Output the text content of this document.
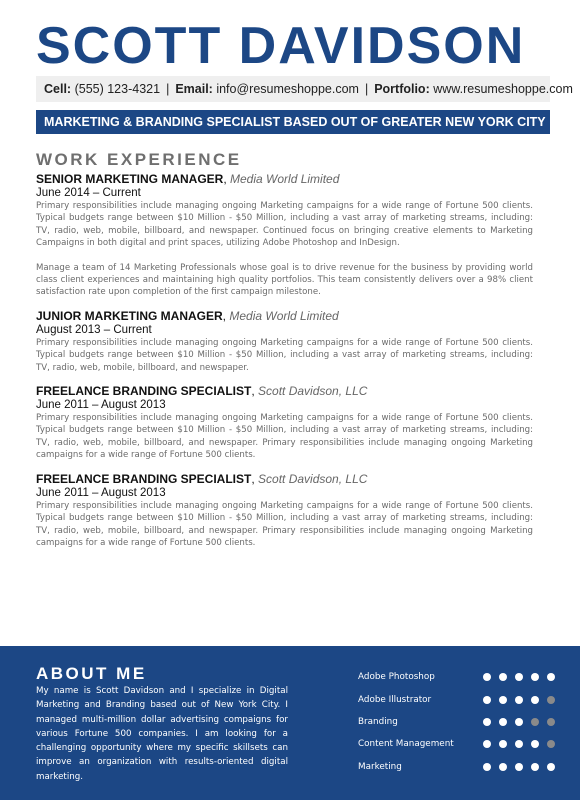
SCOTT DAVIDSON
Cell:
(555) 123-4321 | Email:
info@resumeshoppe.com | Portfolio:
www.resumeshoppe.com
MARKETING & BRANDING SPECIALIST BASED OUT OF GREATER NEW YORK CITY
WORK EXPERIENCE
SENIOR MARKETING MANAGER, Media World Limited
June 2014 – Current

Primary responsibilities include managing ongoing Marketing campaigns for a wide range of Fortune 500 clients. Typical budgets range between $10 Million - $50 Million, including a vast array of marketing streams, including: TV, radio, web, mobile, billboard, and newspaper. Continued focus on bringing creative elements to Marketing Campaigns in both digital and print spaces, utilizing Adobe Photoshop and InDesign.

Manage a team of 14 Marketing Professionals whose goal is to drive revenue for the business by providing world class client experiences and maintaining high quality portfolios. This team consistently delivers over a 98% client satisfaction rate upon completion of the first campaign milestone.

JUNIOR MARKETING MANAGER, Media World Limited
August 2013 – Current

Primary responsibilities include managing ongoing Marketing campaigns for a wide range of Fortune 500 clients. Typical budgets range between $10 Million - $50 Million, including a vast array of marketing streams, including: TV, radio, web, mobile, billboard, and newspaper.

FREELANCE BRANDING SPECIALIST, Scott Davidson, LLC
June 2011 – August 2013

Primary responsibilities include managing ongoing Marketing campaigns for a wide range of Fortune 500 clients. Typical budgets range between $10 Million - $50 Million, including a vast array of marketing streams, including: TV, radio, web, mobile, billboard, and newspaper. Primary responsibilities include managing ongoing Marketing campaigns for a wide range of Fortune 500 clients.

FREELANCE BRANDING SPECIALIST, Scott Davidson, LLC
June 2011 – August 2013

Primary responsibilities include managing ongoing Marketing campaigns for a wide range of Fortune 500 clients. Typical budgets range between $10 Million - $50 Million, including a vast array of marketing streams, including: TV, radio, web, mobile, billboard, and newspaper. Primary responsibilities include managing ongoing Marketing campaigns for a wide range of Fortune 500 clients.

ABOUT ME

My name is Scott Davidson and I specialize in Digital Marketing and Branding based out of New York City. I managed multi-million dollar advertising compaigns for various Fortune 500 companies. I am looking for a challenging opportunity where my specific skillsets can improve an organization with results-oriented digital marketing.

Adobe Photoshop
Adobe Illustrator
Branding
Content Management
Marketing
